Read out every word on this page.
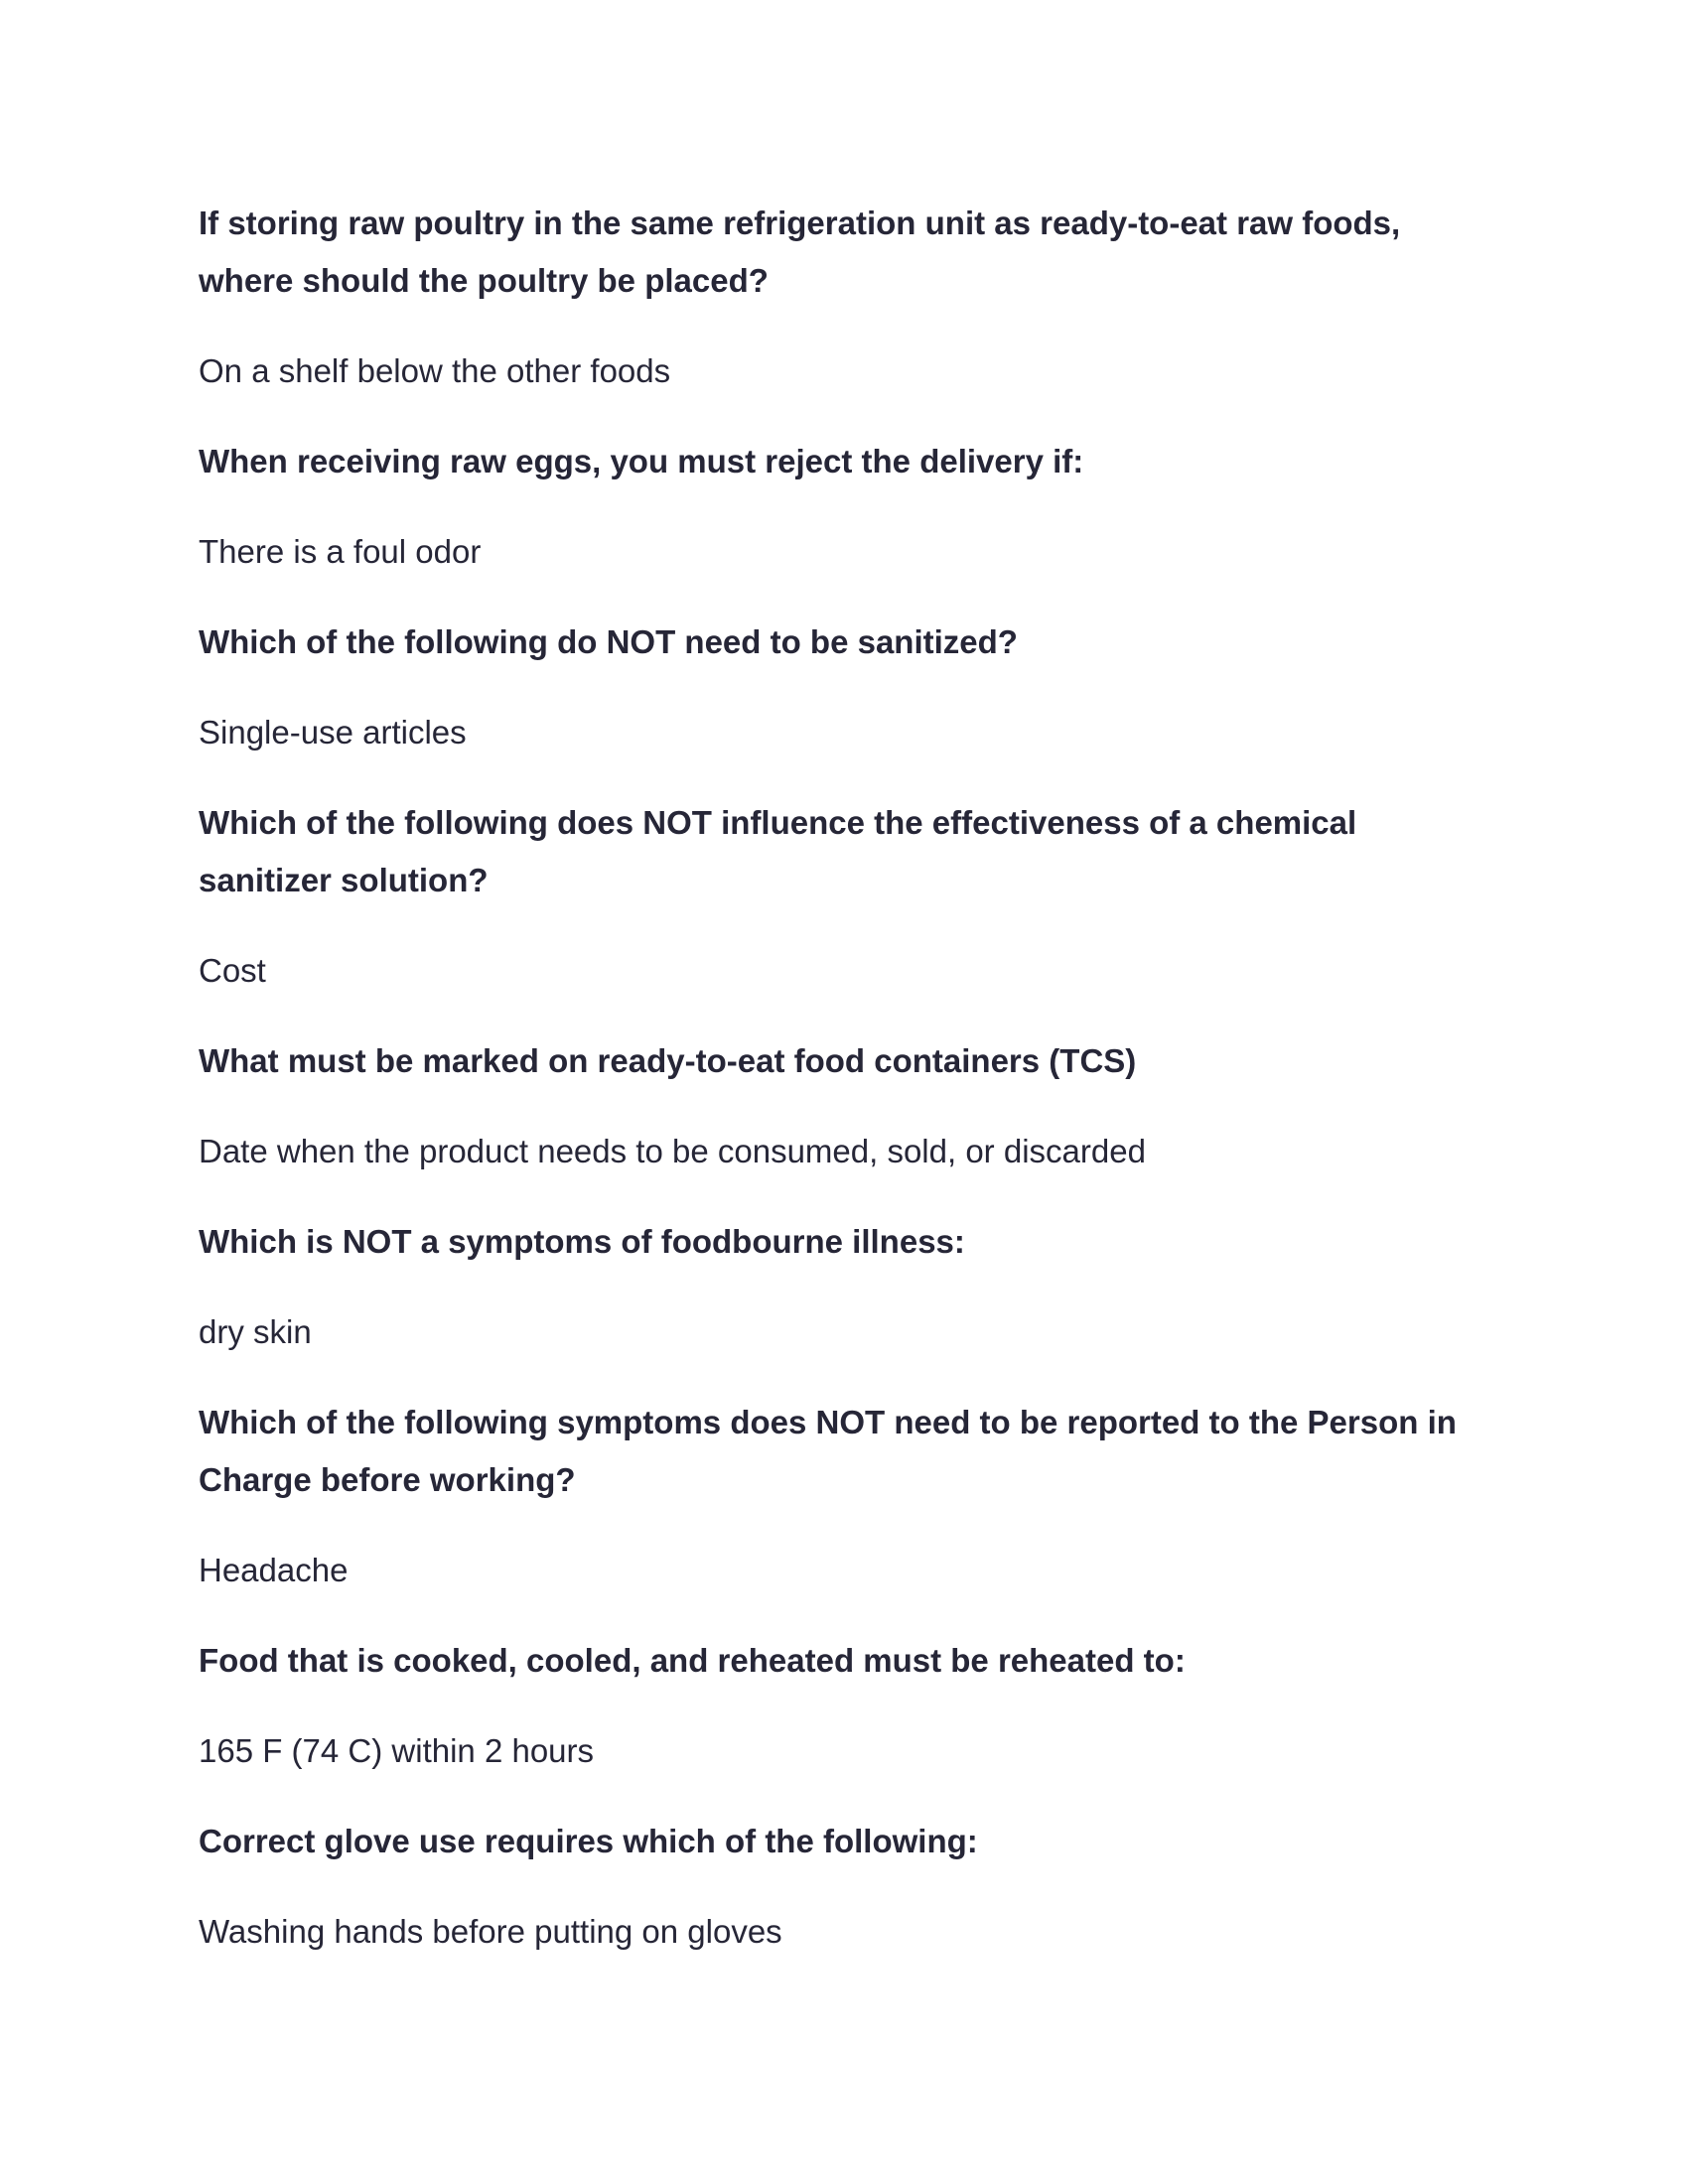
If storing raw poultry in the same refrigeration unit as ready-to-eat raw foods, where should the poultry be placed?

On a shelf below the other foods

When receiving raw eggs, you must reject the delivery if:

There is a foul odor

Which of the following do NOT need to be sanitized?

Single-use articles

Which of the following does NOT influence the effectiveness of a chemical sanitizer solution?

Cost

What must be marked on ready-to-eat food containers (TCS)

Date when the product needs to be consumed, sold, or discarded

Which is NOT a symptoms of foodbourne illness:

dry skin

Which of the following symptoms does NOT need to be reported to the Person in Charge before working?

Headache

Food that is cooked, cooled, and reheated must be reheated to:

165 F (74 C) within 2 hours

Correct glove use requires which of the following:

Washing hands before putting on gloves
